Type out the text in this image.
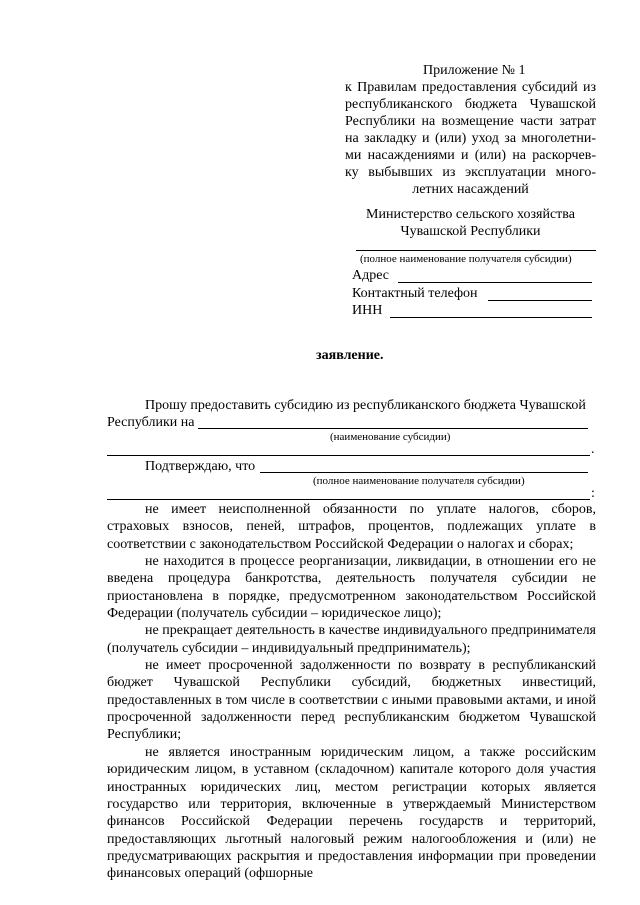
Приложение № 1
к Правилам предоставления субсидий из
республиканского бюджета Чувашской
Республики на возмещение части затрат
на закладку и (или) уход за многолетни-
ми насаждениями и (или) на раскорчев-
ку выбывших из эксплуатации много-
летних насаждений
Министерство сельского хозяйства
Чувашской Республики
(полное наименование получателя субсидии)
Адрес
Контактный телефон
ИНН
заявление.
Прошу предоставить субсидию из республиканского бюджета Чувашской
Республики на
(наименование субсидии)
.
Подтверждаю, что
(полное наименование получателя субсидии)
:

не имеет неисполненной обязанности по уплате налогов, сборов, страховых взносов, пеней, штрафов, процентов, подлежащих уплате в соответствии с законодательством Российской Федерации о налогах и сборах;

не находится в процессе реорганизации, ликвидации, в отношении его не введена процедура банкротства, деятельность получателя субсидии не приостановлена в порядке, предусмотренном законодательством Российской Федерации (получатель субсидии – юридическое лицо);

не прекращает деятельность в качестве индивидуального предпринимателя (получатель субсидии – индивидуальный предприниматель);

не имеет просроченной задолженности по возврату в республиканский бюджет Чувашской Республики субсидий, бюджетных инвестиций, предоставленных в том числе в соответствии с иными правовыми актами, и иной просроченной задолженности перед республиканским бюджетом Чувашской Республики;

не является иностранным юридическим лицом, а также российским юридическим лицом, в уставном (складочном) капитале которого доля участия иностранных юридических лиц, местом регистрации которых является государство или территория, включенные в утверждаемый Министерством финансов Российской Федерации перечень государств и территорий, предоставляющих льготный налоговый режим налогообложения и (или) не предусматривающих раскрытия и предоставления информации при проведении финансовых операций (офшорные
